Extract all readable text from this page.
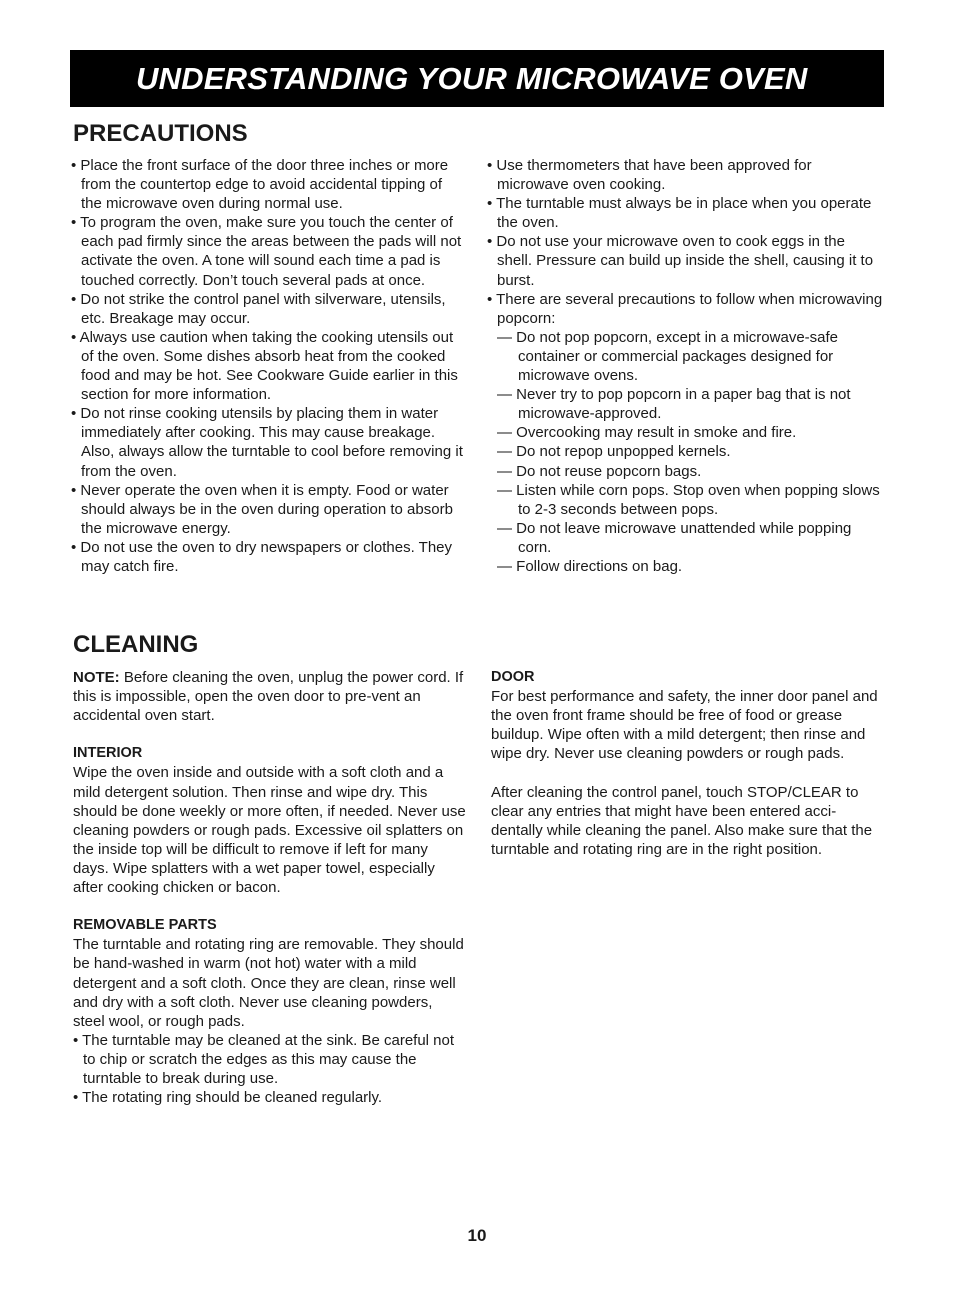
UNDERSTANDING YOUR MICROWAVE OVEN
PRECAUTIONS

• Place the front surface of the door three inches or more from the countertop edge to avoid accidental tipping of the microwave oven during normal use.

• To program the oven, make sure you touch the center of each pad firmly since the areas between the pads will not activate the oven. A tone will sound each time a pad is touched correctly. Don’t touch several pads at once.

• Do not strike the control panel with silverware, utensils, etc. Breakage may occur.

• Always use caution when taking the cooking utensils out of the oven. Some dishes absorb heat from the cooked food and may be hot. See Cookware Guide earlier in this section for more information.

• Do not rinse cooking utensils by placing them in water immediately after cooking. This may cause breakage. Also, always allow the turntable to cool before removing it from the oven.

• Never operate the oven when it is empty. Food or water should always be in the oven during operation to absorb the microwave energy.

• Do not use the oven to dry newspapers or clothes. They may catch fire.

• Use thermometers that have been approved for microwave oven cooking.

• The turntable must always be in place when you operate the oven.

• Do not use your microwave oven to cook eggs in the shell. Pressure can build up inside the shell, causing it to burst.

• There are several precautions to follow when microwaving popcorn:

— Do not pop popcorn, except in a microwave-safe container or commercial packages designed for microwave ovens.

— Never try to pop popcorn in a paper bag that is not microwave-approved.

— Overcooking may result in smoke and fire.

— Do not repop unpopped kernels.

— Do not reuse popcorn bags.

— Listen while corn pops. Stop oven when popping slows to 2-3 seconds between pops.

— Do not leave microwave unattended while popping corn.

— Follow directions on bag.

CLEANING

NOTE: Before cleaning the oven, unplug the power cord. If this is impossible, open the oven door to pre-vent an accidental oven start.

INTERIOR

Wipe the oven inside and outside with a soft cloth and a mild detergent solution. Then rinse and wipe dry. This should be done weekly or more often, if needed. Never use cleaning powders or rough pads. Excessive oil splatters on the inside top will be difficult to remove if left for many days. Wipe splatters with a wet paper towel, especially after cooking chicken or bacon.

REMOVABLE PARTS

The turntable and rotating ring are removable. They should be hand-washed in warm (not hot) water with a mild detergent and a soft cloth. Once they are clean, rinse well and dry with a soft cloth. Never use cleaning powders, steel wool, or rough pads.

• The turntable may be cleaned at the sink. Be careful not to chip or scratch the edges as this may cause the turntable to break during use.

• The rotating ring should be cleaned regularly.

DOOR

For best performance and safety, the inner door panel and the oven front frame should be free of food or grease buildup. Wipe often with a mild detergent; then rinse and wipe dry. Never use cleaning powders or rough pads.

After cleaning the control panel, touch STOP/CLEAR to clear any entries that might have been entered acci-dentally while cleaning the panel. Also make sure that the turntable and rotating ring are in the right position.

10
